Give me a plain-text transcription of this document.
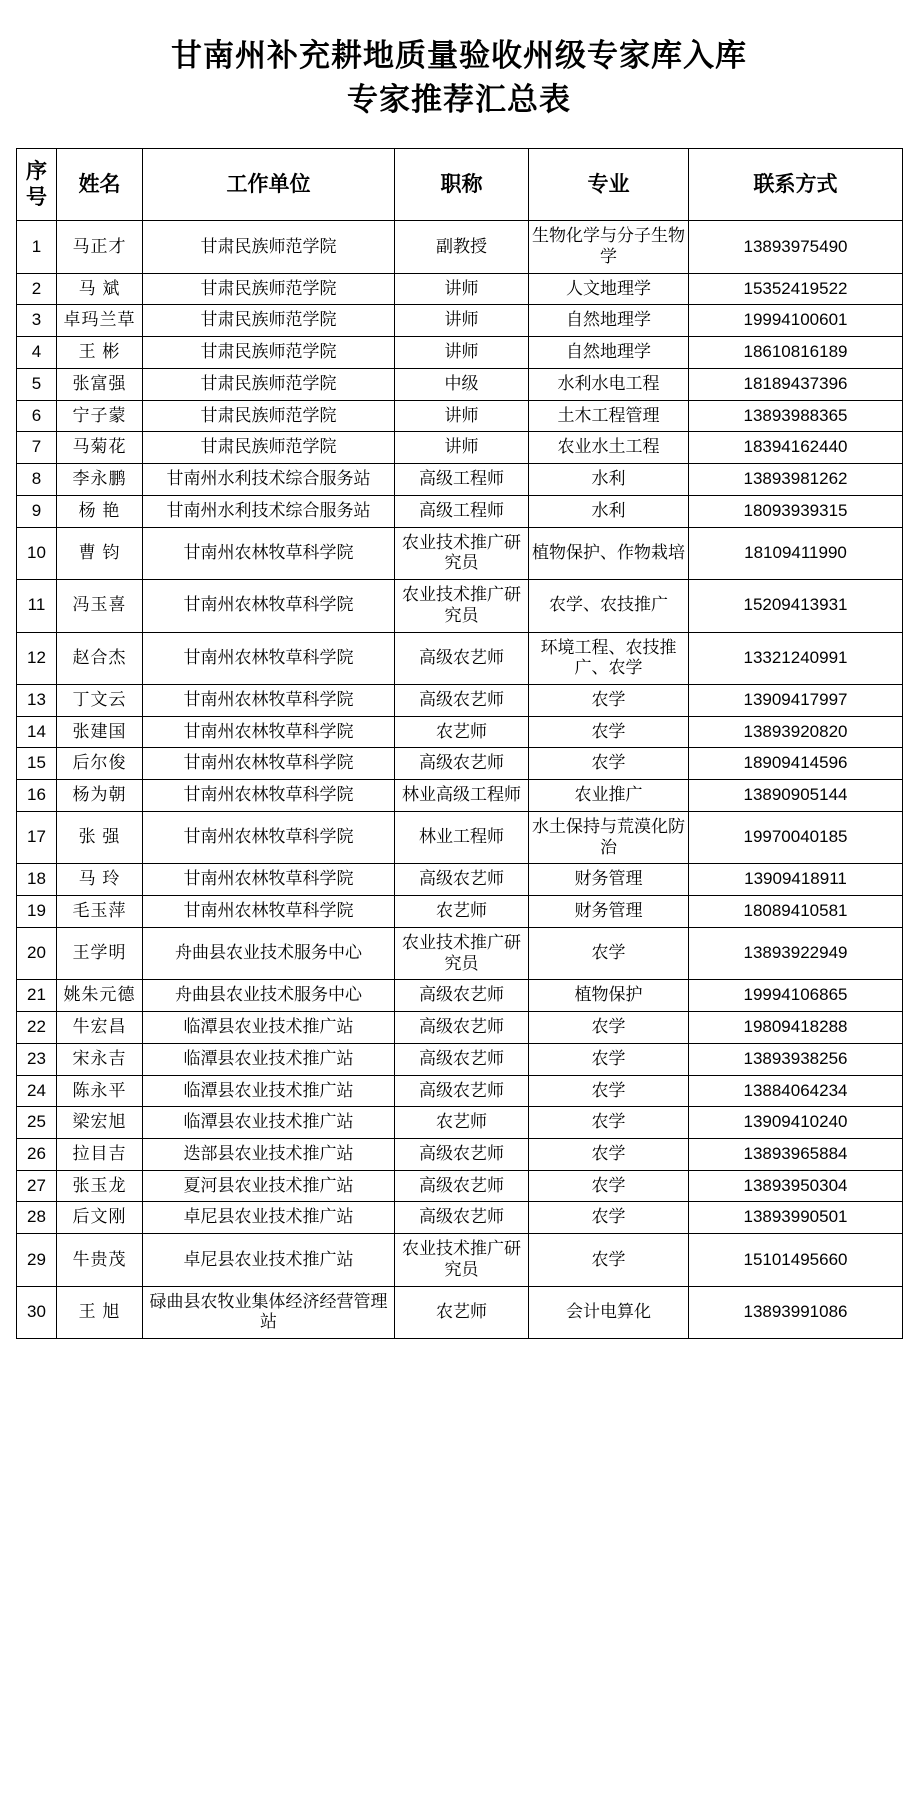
甘南州补充耕地质量验收州级专家库入库
专家推荐汇总表
序号	姓名	工作单位	职称	专业	联系方式
1	马正才	甘肃民族师范学院	副教授	生物化学与分子生物学	13893975490
2	马 斌	甘肃民族师范学院	讲师	人文地理学	15352419522
3	卓玛兰草	甘肃民族师范学院	讲师	自然地理学	19994100601
4	王 彬	甘肃民族师范学院	讲师	自然地理学	18610816189
5	张富强	甘肃民族师范学院	中级	水利水电工程	18189437396
6	宁子蒙	甘肃民族师范学院	讲师	土木工程管理	13893988365
7	马菊花	甘肃民族师范学院	讲师	农业水土工程	18394162440
8	李永鹏	甘南州水利技术综合服务站	高级工程师	水利	13893981262
9	杨 艳	甘南州水利技术综合服务站	高级工程师	水利	18093939315
10	曹 钧	甘南州农林牧草科学院	农业技术推广研究员	植物保护、作物栽培	18109411990
11	冯玉喜	甘南州农林牧草科学院	农业技术推广研究员	农学、农技推广	15209413931
12	赵合杰	甘南州农林牧草科学院	高级农艺师	环境工程、农技推广、农学	13321240991
13	丁文云	甘南州农林牧草科学院	高级农艺师	农学	13909417997
14	张建国	甘南州农林牧草科学院	农艺师	农学	13893920820
15	后尔俊	甘南州农林牧草科学院	高级农艺师	农学	18909414596
16	杨为朝	甘南州农林牧草科学院	林业高级工程师	农业推广	13890905144
17	张 强	甘南州农林牧草科学院	林业工程师	水土保持与荒漠化防治	19970040185
18	马 玲	甘南州农林牧草科学院	高级农艺师	财务管理	13909418911
19	毛玉萍	甘南州农林牧草科学院	农艺师	财务管理	18089410581
20	王学明	舟曲县农业技术服务中心	农业技术推广研究员	农学	13893922949
21	姚朱元德	舟曲县农业技术服务中心	高级农艺师	植物保护	19994106865
22	牛宏昌	临潭县农业技术推广站	高级农艺师	农学	19809418288
23	宋永吉	临潭县农业技术推广站	高级农艺师	农学	13893938256
24	陈永平	临潭县农业技术推广站	高级农艺师	农学	13884064234
25	梁宏旭	临潭县农业技术推广站	农艺师	农学	13909410240
26	拉目吉	迭部县农业技术推广站	高级农艺师	农学	13893965884
27	张玉龙	夏河县农业技术推广站	高级农艺师	农学	13893950304
28	后文刚	卓尼县农业技术推广站	高级农艺师	农学	13893990501
29	牛贵茂	卓尼县农业技术推广站	农业技术推广研究员	农学	15101495660
30	王 旭	碌曲县农牧业集体经济经营管理站	农艺师	会计电算化	13893991086
